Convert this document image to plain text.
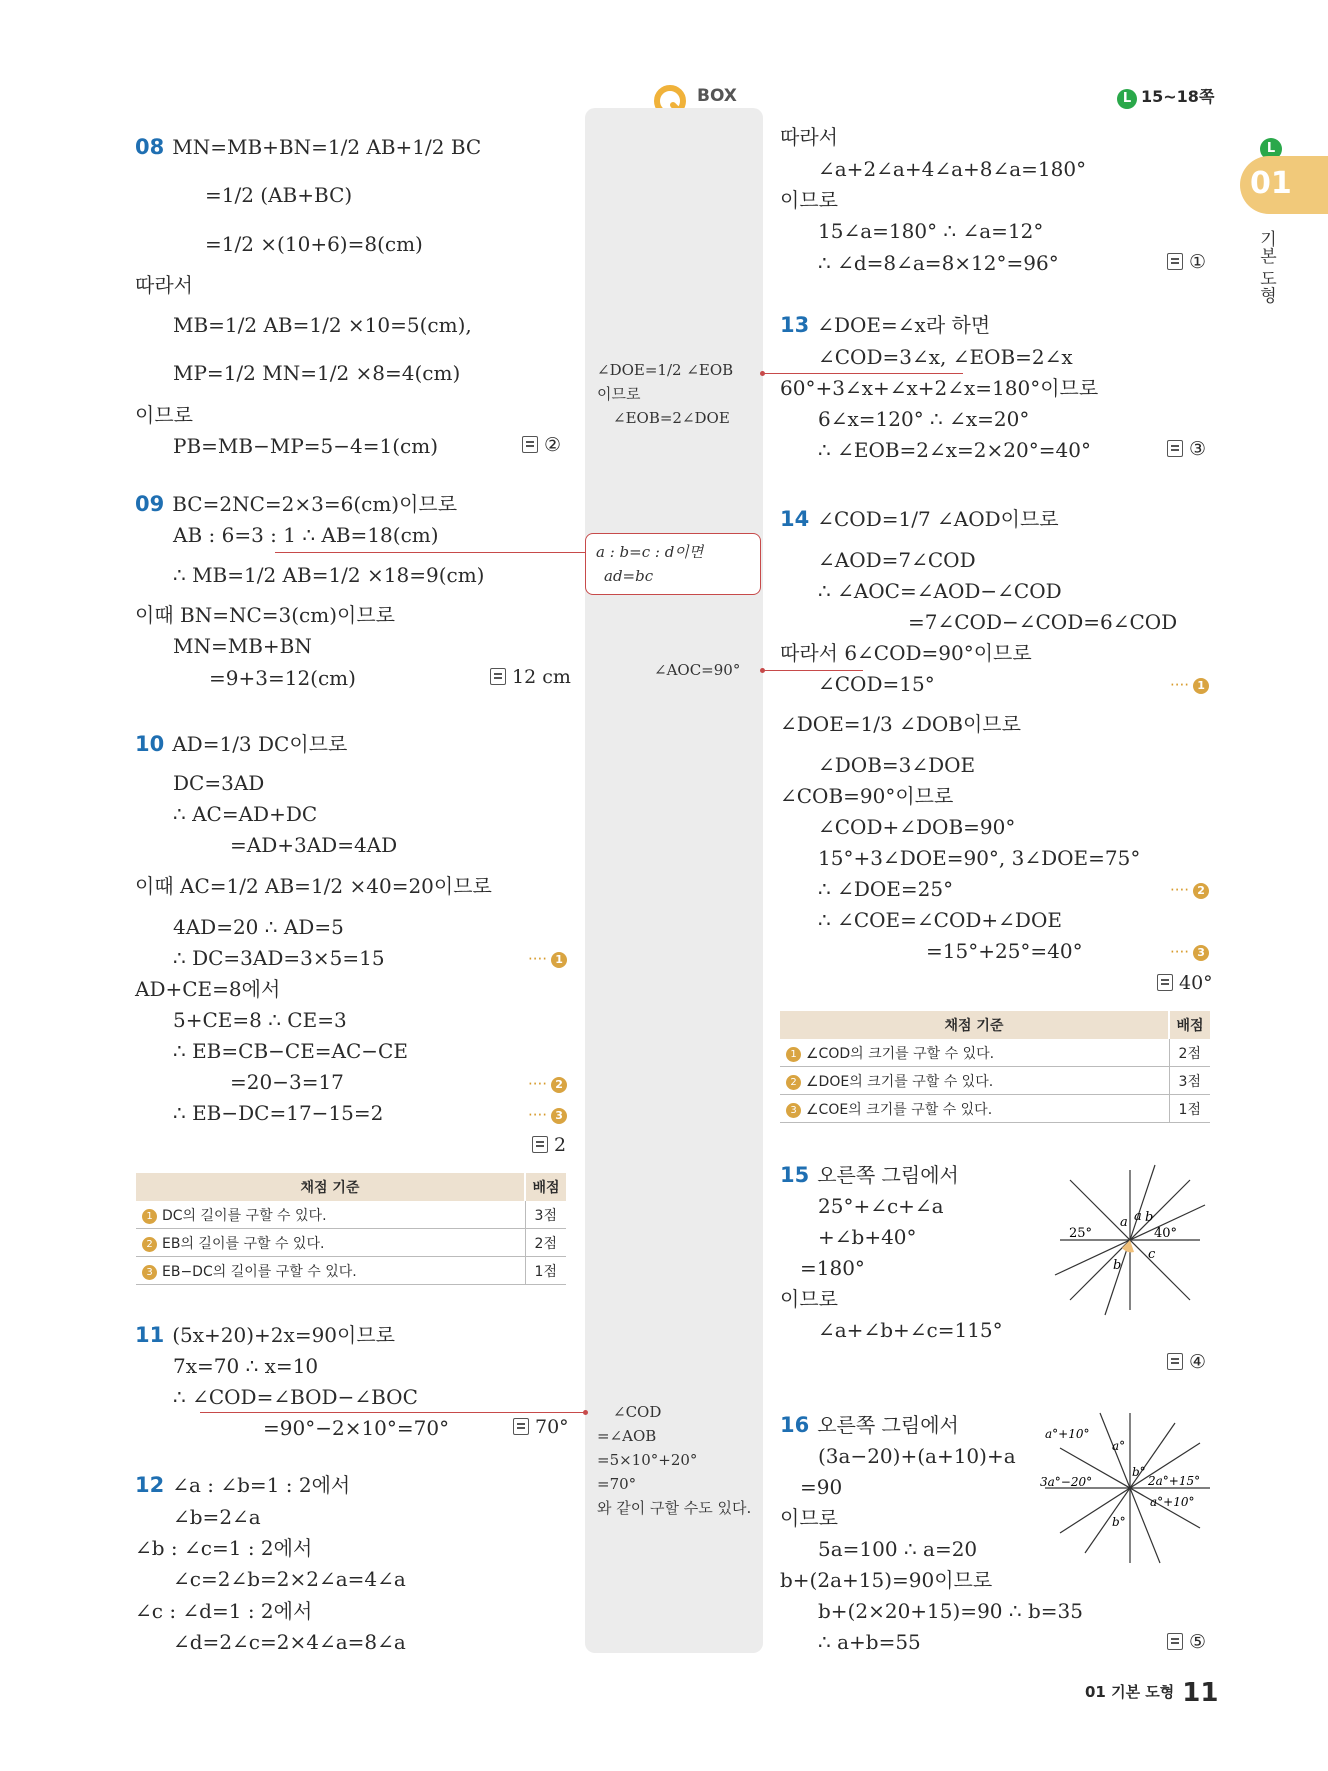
BOX	L 15~18쪽
L
01
기본 도형
08 MN=MB+BN=1/2 AB+1/2 BC
=1/2 (AB+BC)
=1/2 ×(10+6)=8(cm)
따라서
MB=1/2 AB=1/2 ×10=5(cm),
MP=1/2 MN=1/2 ×8=4(cm)
이므로
PB=MB−MP=5−4=1(cm)	②
09 BC=2NC=2×3=6(cm)이므로
AB : 6=3 : 1 ∴ AB=18(cm)
∴ MB=1/2 AB=1/2 ×18=9(cm)
이때 BN=NC=3(cm)이므로
MN=MB+BN
=9+3=12(cm)	12 cm
10 AD=1/3 DC이므로
DC=3AD
∴ AC=AD+DC
=AD+3AD=4AD
이때 AC=1/2 AB=1/2 ×40=20이므로
4AD=20 ∴ AD=5
∴ DC=3AD=3×5=15	···· 1
AD+CE=8에서
5+CE=8 ∴ CE=3
∴ EB=CB−CE=AC−CE
=20−3=17	···· 2
∴ EB−DC=17−15=2	···· 3
2
채점 기준	배점
1 DC의 길이를 구할 수 있다.	3점
2 EB의 길이를 구할 수 있다.	2점
3 EB−DC의 길이를 구할 수 있다.	1점
11 (5x+20)+2x=90이므로
7x=70 ∴ x=10
∴ ∠COD=∠BOD−∠BOC
=90°−2×10°=70°	70°
12 ∠a : ∠b=1 : 2에서
∠b=2∠a
∠b : ∠c=1 : 2에서
∠c=2∠b=2×2∠a=4∠a
∠c : ∠d=1 : 2에서
∠d=2∠c=2×4∠a=8∠a
따라서
∠a+2∠a+4∠a+8∠a=180°
이므로
15∠a=180° ∴ ∠a=12°
∴ ∠d=8∠a=8×12°=96°	①
13 ∠DOE=∠x라 하면
∠COD=3∠x, ∠EOB=2∠x
60°+3∠x+∠x+2∠x=180°이므로
6∠x=120° ∴ ∠x=20°
∴ ∠EOB=2∠x=2×20°=40°	③
14 ∠COD=1/7 ∠AOD이므로
∠AOD=7∠COD
∴ ∠AOC=∠AOD−∠COD
=7∠COD−∠COD=6∠COD
따라서 6∠COD=90°이므로
∠COD=15°	···· 1
∠DOE=1/3 ∠DOB이므로
∠DOB=3∠DOE
∠COB=90°이므로
∠COD+∠DOB=90°
15°+3∠DOE=90°, 3∠DOE=75°
∴ ∠DOE=25°	···· 2
∴ ∠COE=∠COD+∠DOE
=15°+25°=40°	···· 3
40°
채점 기준	배점
1 ∠COD의 크기를 구할 수 있다.	2점
2 ∠DOE의 크기를 구할 수 있다.	3점
3 ∠COE의 크기를 구할 수 있다.	1점
15 오른쪽 그림에서
25°+∠c+∠a
+∠b+40°
=180°
이므로
∠a+∠b+∠c=115°
④
25°	40°
a b
a
c
b
16 오른쪽 그림에서
(3a−20)+(a+10)+a
=90
이므로
5a=100 ∴ a=20
b+(2a+15)=90이므로
b+(2×20+15)=90 ∴ b=35
∴ a+b=55	⑤
a°+10°
a°
b°
3a°−20°	2a°+15°
a°+10°
b°
∠DOE=1/2 ∠EOB
이므로
∠EOB=2∠DOE
a : b=c : d이면
ad=bc
∠AOC=90°
∠COD
=∠AOB
=5×10°+20°
=70°
와 같이 구할 수도 있다.
01 기본 도형 11
